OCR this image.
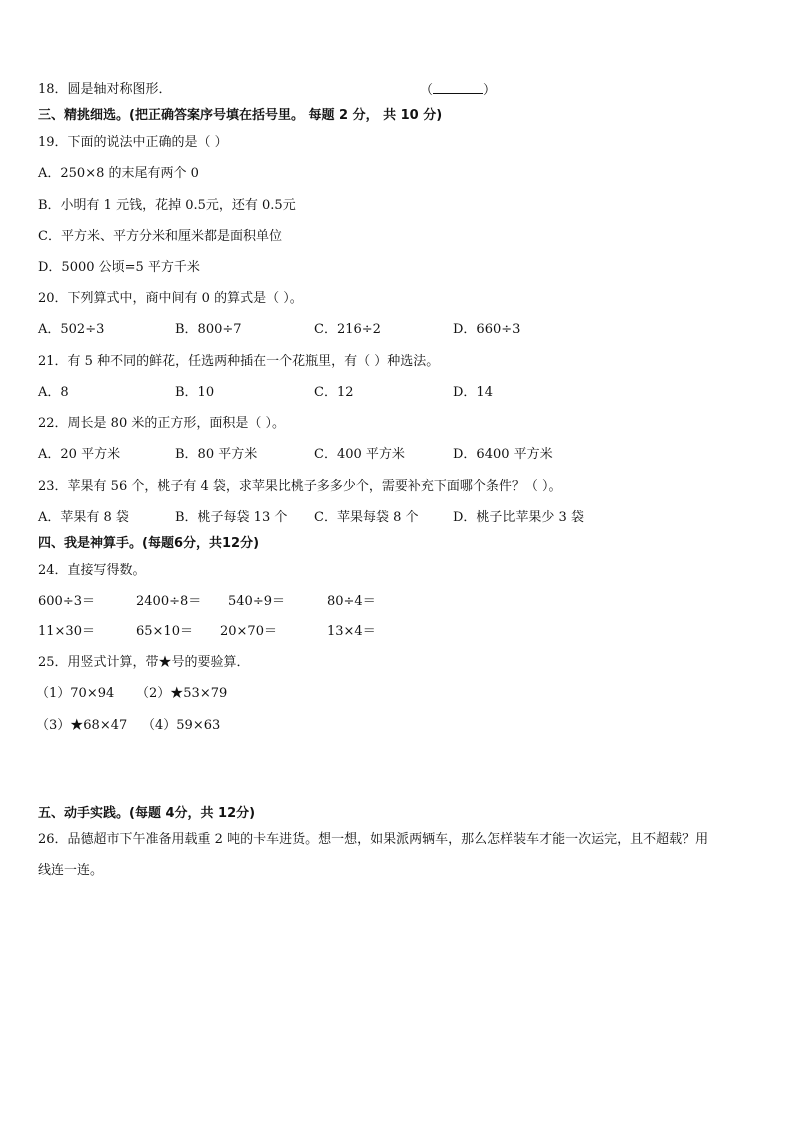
18．圆是轴对称图形．	（	）
三、精挑细选。(把正确答案序号填在括号里。 每题 2 分， 共 10 分)
19．下面的说法中正确的是（ ）
A．250×8 的末尾有两个 0
B．小明有 1 元钱，花掉 0.5元，还有 0.5元
C．平方米、平方分米和厘米都是面积单位
D．5000 公顷=5 平方千米
20．下列算式中，商中间有 0 的算式是（ ）。
A．502÷3	B．800÷7	C．216÷2	D．660÷3
21．有 5 种不同的鲜花，任选两种插在一个花瓶里，有（ ）种选法。
A．8	B．10	C．12	D．14
22．周长是 80 米的正方形，面积是（ ）。
A．20 平方米	B．80 平方米	C．400 平方米	D．6400 平方米
23．苹果有 56 个，桃子有 4 袋，求苹果比桃子多多少个，需要补充下面哪个条件？（ ）。
A．苹果有 8 袋	B．桃子每袋 13 个 C．苹果每袋 8 个	D．桃子比苹果少 3 袋
四、我是神算手。(每题6分，共12分)
24．直接写得数。
600÷3＝	2400÷8＝ 540÷9＝	80÷4＝
11×30＝	65×10＝ 20×70＝	13×4＝
25．用竖式计算，带★号的要验算．
（1）70×94 （2）★53×79
（3）★68×47 （4）59×63
五、动手实践。(每题 4分，共 12分)
26．品德超市下午准备用载重 2 吨的卡车进货。想一想，如果派两辆车，那么怎样装车才能一次运完，且不超载？用
线连一连。
